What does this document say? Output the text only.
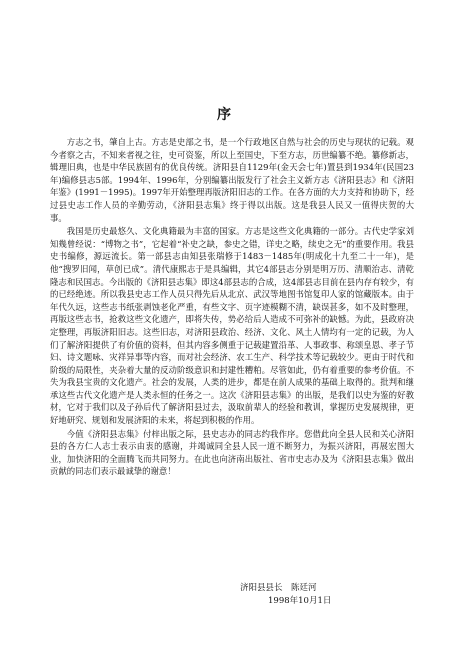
序

方志之书，肇自上古。方志是史部之书，是一个行政地区自然与社会的历史与现状的记载。观今者察之古，不知来者视之往，史可资鉴，所以上至国史，下至方志，历世编纂不绝。纂修新志，辑理旧典，也是中华民族固有的优良传统。济阳县自1129年(金天会七年)置县到1934年(民国23年)编修县志5部。1994年、1996年，分别编纂出版发行了社会主义新方志《济阳县志》和《济阳年鉴》(1991－1995)。1997年开始整理再版济阳旧志的工作。在各方面的大力支持和协助下，经过县史志工作人员的辛勤劳动，《济阳县志集》终于得以出版。这是我县人民又一值得庆贺的大事。

我国是历史最悠久、文化典籍最为丰富的国家。方志是这些文化典籍的一部分。古代史学家刘知幾曾经说：“博物之书”，它起着“补史之缺，参史之错，详史之略，续史之无”的重要作用。我县史书编修，源远流长。第一部县志由知县张瑞修于1483－1485年(明成化十九至二十一年)，是他“搜罗旧闻，草创已成”。清代康熙志于是具编辑，其它4部县志分别是明万历、清顺治志、清乾隆志和民国志。今出版的《济阳县志集》即这4部县志的合成，这4部县志目前在县内存有较少，有的已经绝迹。所以我县史志工作人员只得先后从北京、武汉等地图书馆复印人家的馆藏版本。由于年代久远，这些志书纸张剥蚀老化严重，有些文字、页字迹模糊不清，缺误甚多，如不及时整理，再版这些志书，抢救这些文化遗产，即将失传，势必给后人造成不可弥补的缺憾。为此，县政府决定整理，再版济阳旧志。这些旧志，对济阳县政治、经济、文化、风土人情均有一定的记载，为人们了解济阳提供了有价值的资料，但其内容多侧重于记载建置沿革、人事政事、称颂皇恩、孝子节妇、诗文题咏、灾祥异事等内容，而对社会经济、农工生产、科学技术等记载较少。更由于时代和阶级的局限性，夹杂着大量的反动阶级意识和封建性糟粕。尽管如此，仍有着重要的参考价值。不失为我县宝贵的文化遗产。社会的发展，人类的进步，都是在前人成果的基础上取得的。批判和继承这些古代文化遗产是人类永恒的任务之一。这次《济阳县志集》的出版，是我们以史为鉴的好教材，它对于我们以及子孙后代了解济阳县过去，汲取前辈人的经验和教训，掌握历史发展规律，更好地研究、规划和发展济阳的未来，将起到积极的作用。

今值《济阳县志集》付梓出版之际，县史志办的同志约我作序。您借此向全县人民和关心济阳县的各方仁人志士表示由衷的感谢，并竭诚同全县人民一道不断努力，为振兴济阳，再展宏图大业，加快济阳的全面腾飞而共同努力。在此也向济南出版社、省市史志办及为《济阳县志集》做出贡献的同志们表示最诚挚的谢意！

济阳县县长　陈廷河
1998年10月1日
